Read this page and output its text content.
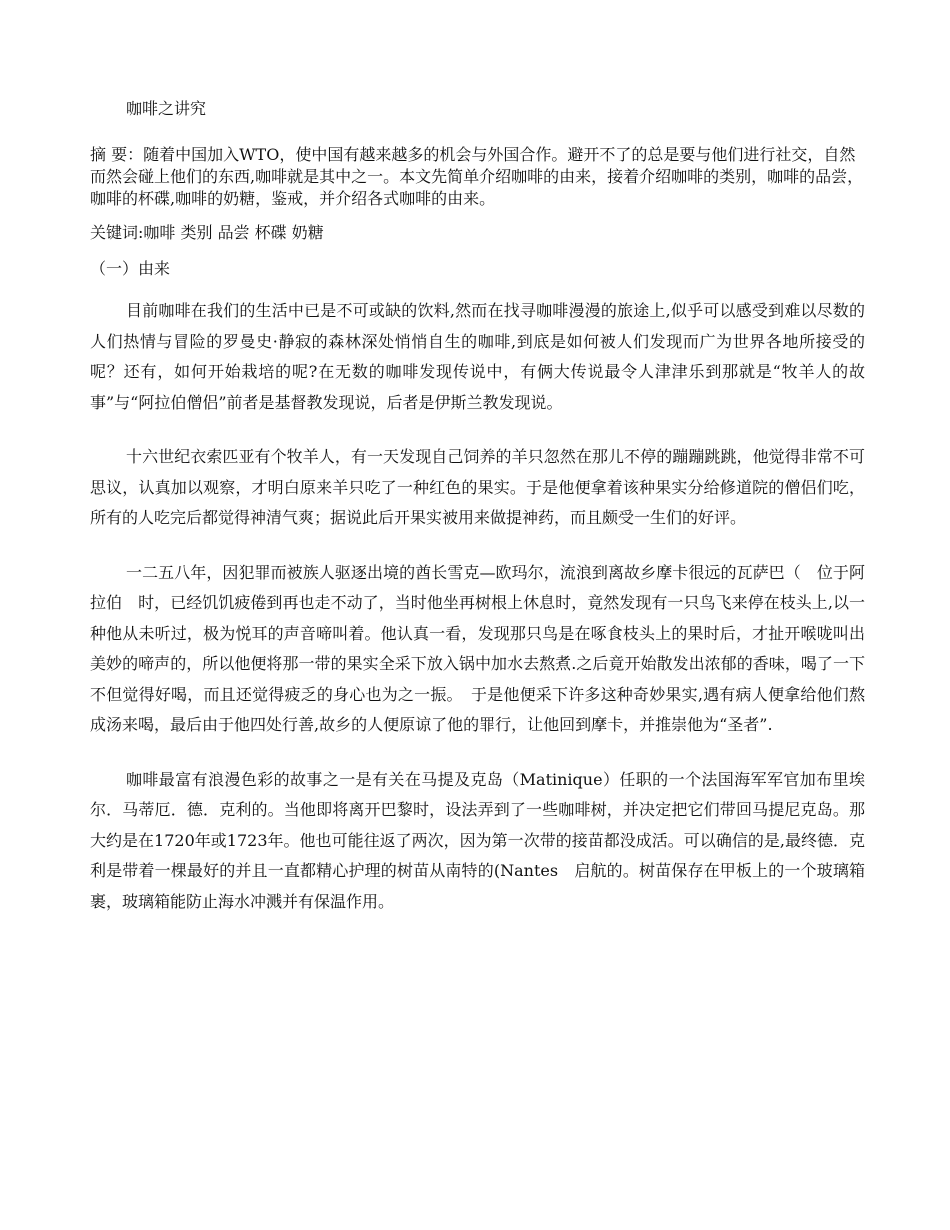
咖啡之讲究
摘 要：随着中国加入WTO，使中国有越来越多的机会与外国合作。避开不了的总是要与他们进行社交，自然而然会碰上他们的东西,咖啡就是其中之一。本文先简单介绍咖啡的由来，接着介绍咖啡的类别，咖啡的品尝，咖啡的杯碟,咖啡的奶糖，鉴戒，并介绍各式咖啡的由来。
关键词:咖啡 类别 品尝 杯碟 奶糖
（一）由来

目前咖啡在我们的生活中已是不可或缺的饮料,然而在找寻咖啡漫漫的旅途上,似乎可以感受到难以尽数的人们热情与冒险的罗曼史·静寂的森林深处悄悄自生的咖啡,到底是如何被人们发现而广为世界各地所接受的呢？还有，如何开始栽培的呢?在无数的咖啡发现传说中，有俩大传说最令人津津乐到那就是“牧羊人的故事”与“阿拉伯僧侣”前者是基督教发现说，后者是伊斯兰教发现说。

十六世纪衣索匹亚有个牧羊人，有一天发现自己饲养的羊只忽然在那儿不停的蹦蹦跳跳，他觉得非常不可思议，认真加以观察，才明白原来羊只吃了一种红色的果实。于是他便拿着该种果实分给修道院的僧侣们吃，所有的人吃完后都觉得神清气爽；据说此后开果实被用来做提神药，而且颇受一生们的好评。

一二五八年，因犯罪而被族人驱逐出境的酋长雪克—欧玛尔，流浪到离故乡摩卡很远的瓦萨巴（　位于阿拉伯　时，已经饥饥疲倦到再也走不动了，当时他坐再树根上休息时，竟然发现有一只鸟飞来停在枝头上,以一种他从未听过，极为悦耳的声音啼叫着。他认真一看，发现那只鸟是在啄食枝头上的果时后，才扯开喉咙叫出美妙的啼声的，所以他便将那一带的果实全采下放入锅中加水去熬煮.之后竟开始散发出浓郁的香味，喝了一下不但觉得好喝，而且还觉得疲乏的身心也为之一振。　于是他便采下许多这种奇妙果实,遇有病人便拿给他们熬成汤来喝，最后由于他四处行善,故乡的人便原谅了他的罪行，让他回到摩卡，并推崇他为“圣者”.

咖啡最富有浪漫色彩的故事之一是有关在马提及克岛（Matinique）任职的一个法国海军军官加布里埃尔．马蒂厄．德．克利的。当他即将离开巴黎时，设法弄到了一些咖啡树，并决定把它们带回马提尼克岛。那大约是在1720年或1723年。他也可能往返了两次，因为第一次带的接苗都没成活。可以确信的是,最终德．克利是带着一棵最好的并且一直都精心护理的树苗从南特的(Nantes　启航的。树苗保存在甲板上的一个玻璃箱裹，玻璃箱能防止海水冲溅并有保温作用。
